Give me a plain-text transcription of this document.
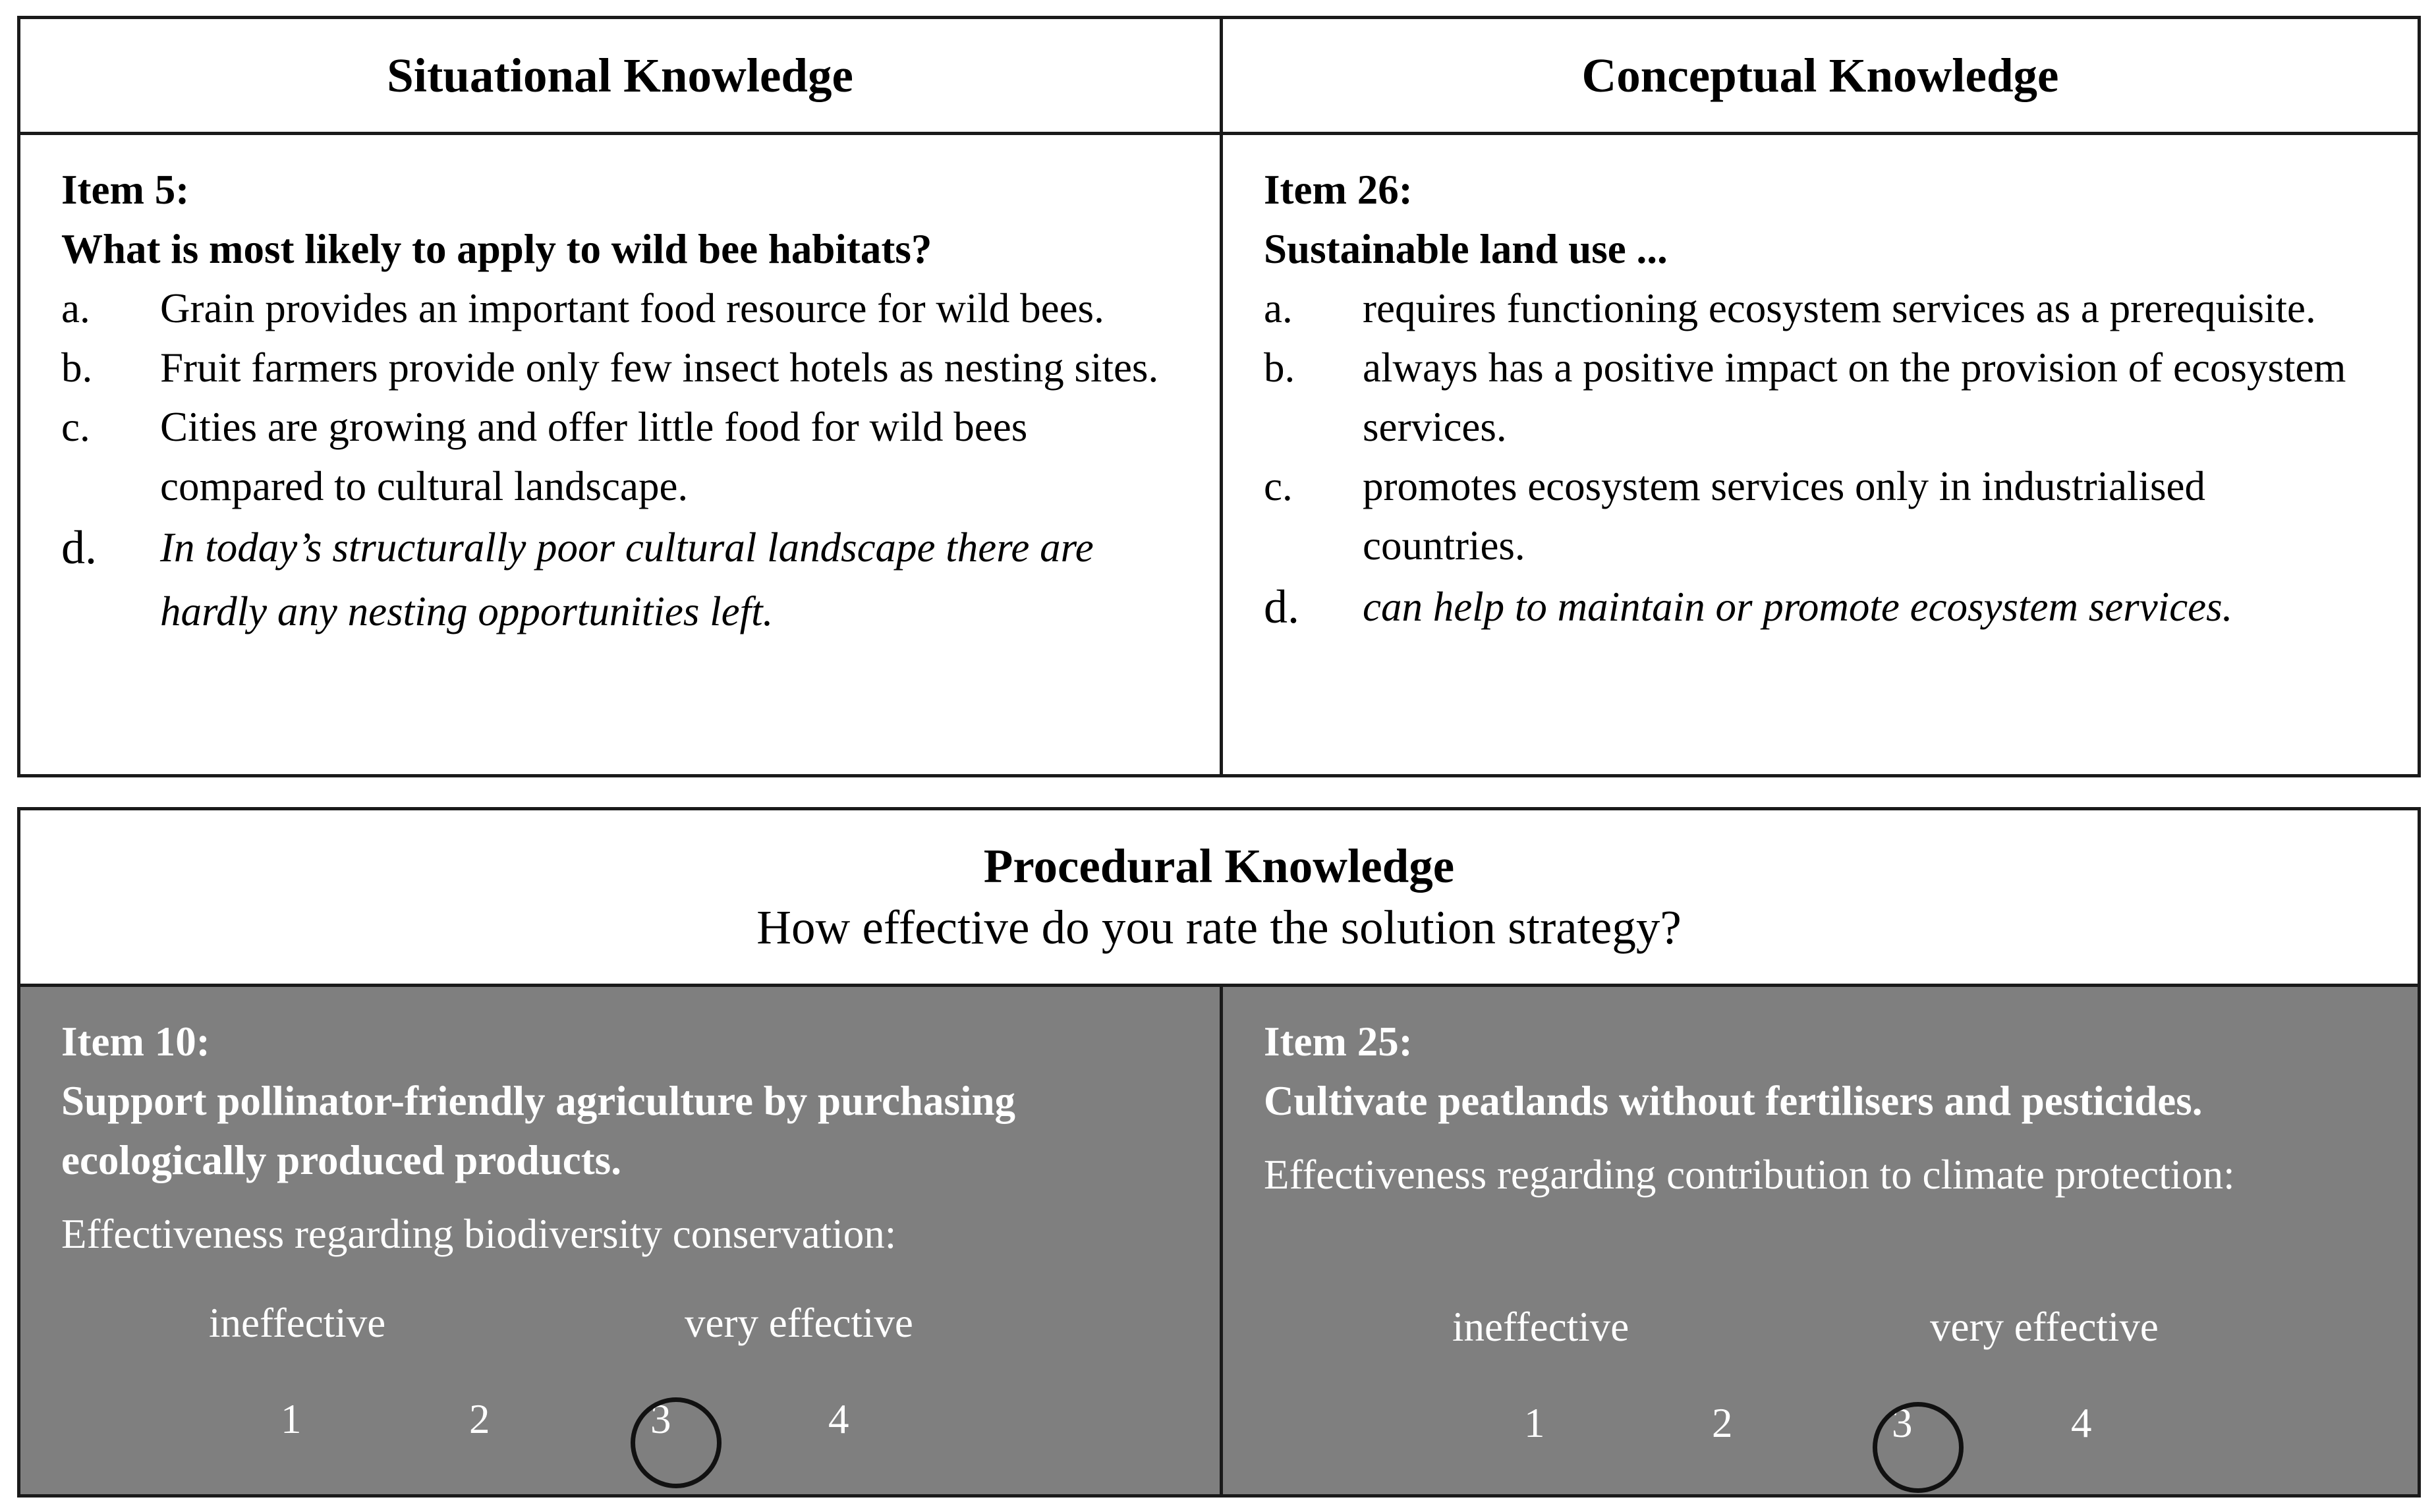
Situational Knowledge	Conceptual Knowledge
Item 5:
What is most likely to apply to wild bee habitats?
a.	Grain provides an important food resource for wild bees.
b.	Fruit farmers provide only few insect hotels as nesting sites.
c.	Cities are growing and offer little food for wild bees compared to cultural landscape.
d.	In today’s structurally poor cultural landscape there are hardly any nesting opportunities left.
Item 26:
Sustainable land use ...
a.	requires functioning ecosystem services as a prerequisite.
b.	always has a positive impact on the provision of ecosystem services.
c.	promotes ecosystem services only in industrialised countries.
d.	can help to maintain or promote ecosystem services.
Procedural Knowledge
How effective do you rate the solution strategy?
Item 10:
Support pollinator-friendly agriculture by purchasing ecologically produced products.
Effectiveness regarding biodiversity conservation:
ineffective	very effective
1	2	3	4
Item 25:
Cultivate peatlands without fertilisers and pesticides.
Effectiveness regarding contribution to climate protection:
ineffective	very effective
1	2	3	4
